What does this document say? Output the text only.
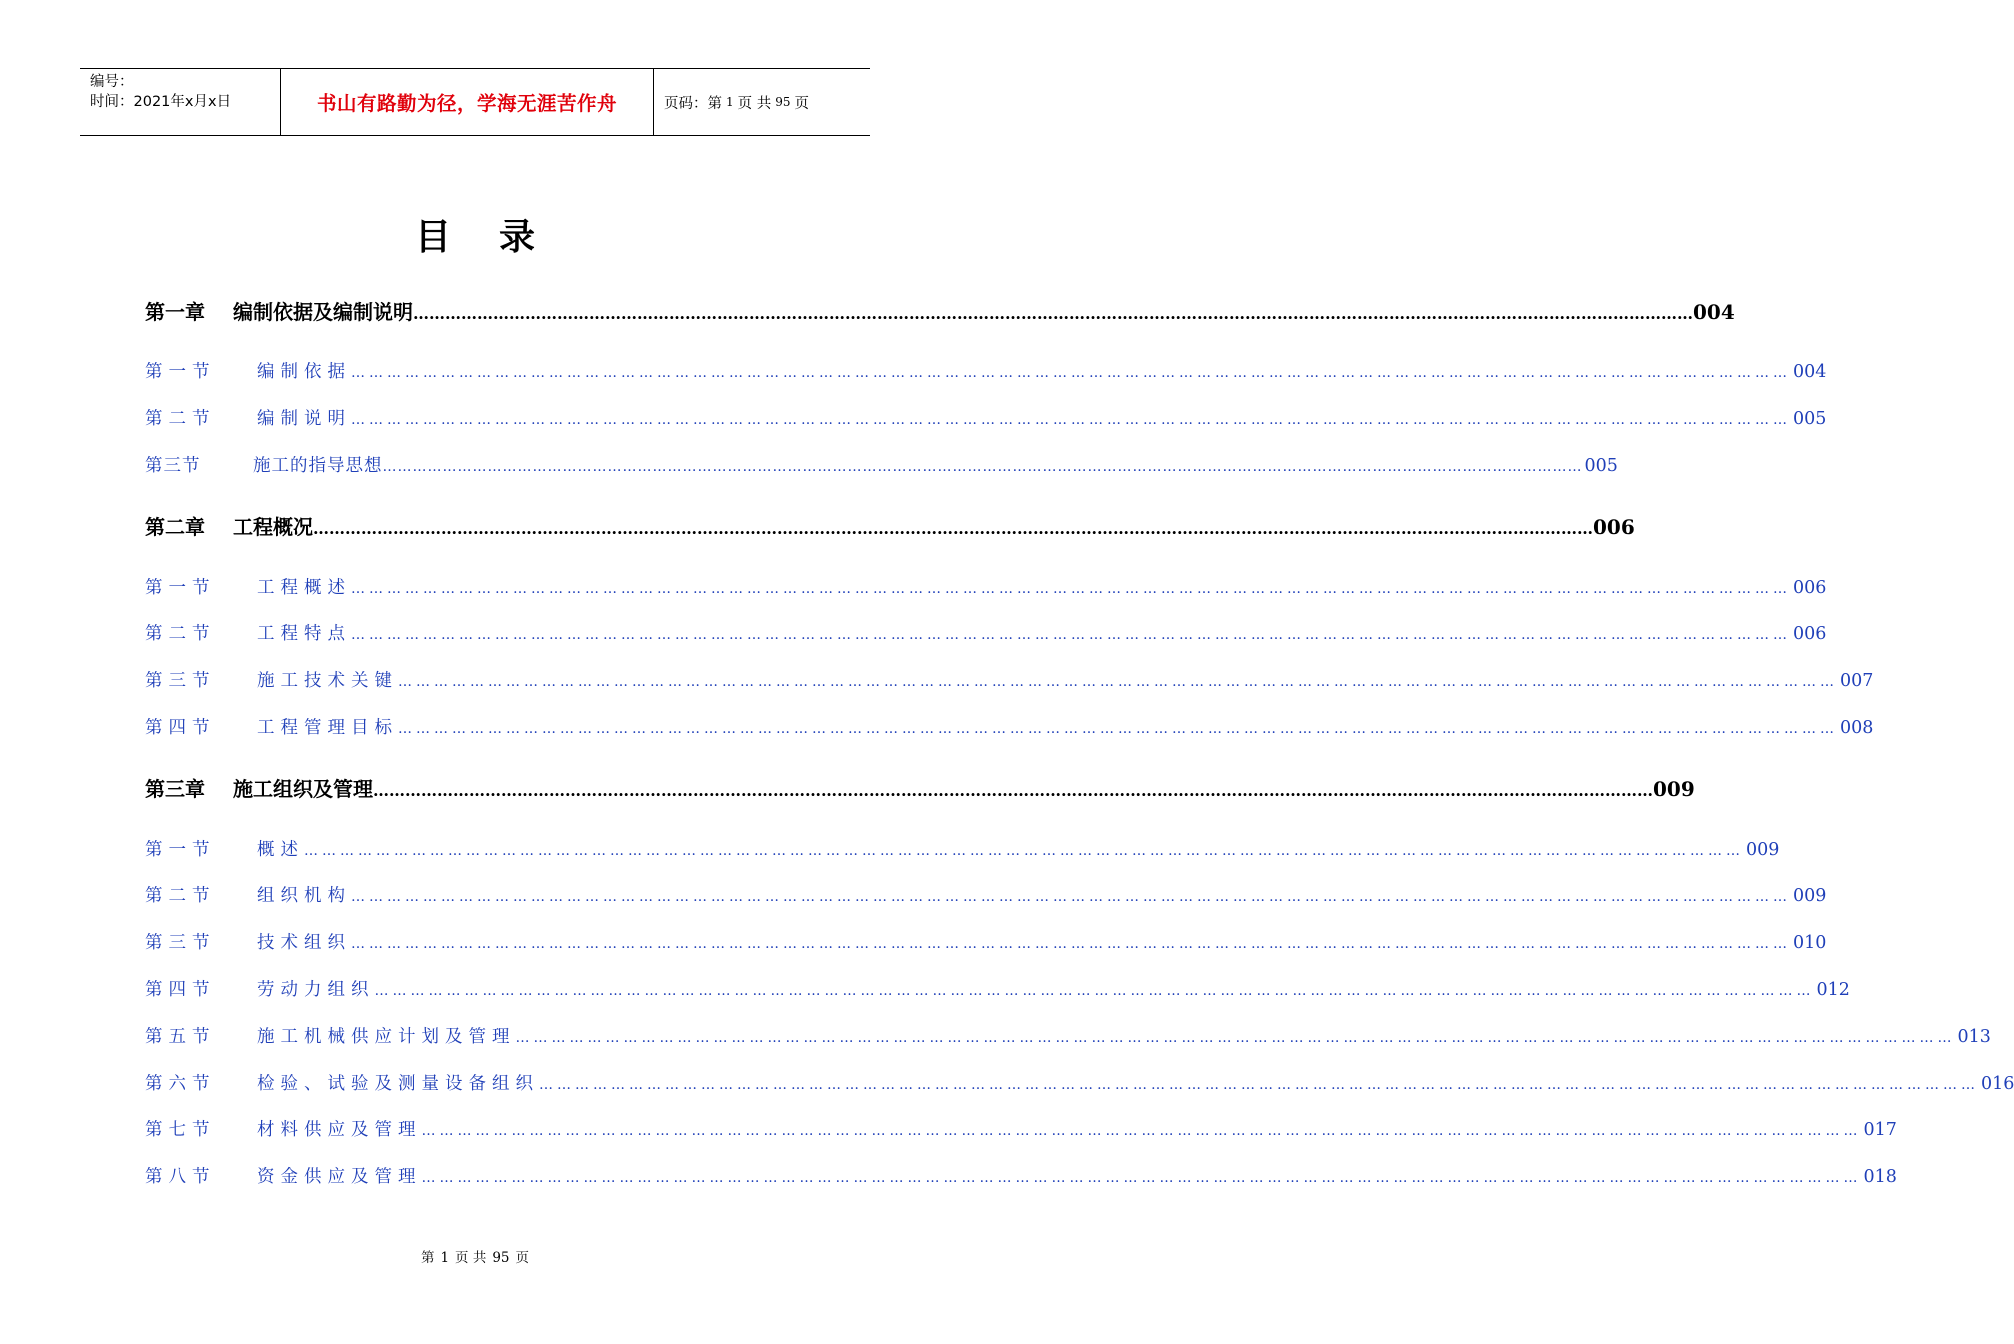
编号：
时间：2021年x月x日	书山有路勤为径，学海无涯苦作舟	页码：第 1 页 共 95 页
目录
第一章	编制依据及编制说明 …………………………………………………………………………………………………………………………………………………………………………………………………………………… 004
第一节	编制依据 …………………………………………………………………………………………………………………………………………………………………………………………………………………… 004
第二节	编制说明 …………………………………………………………………………………………………………………………………………………………………………………………………………………… 005
第三节	施工的指导思想 …………………………………………………………………………………………………………………………………………………………………………………………………………………… 005
第二章	工程概况 …………………………………………………………………………………………………………………………………………………………………………………………………………………… 006
第一节	工程概述 …………………………………………………………………………………………………………………………………………………………………………………………………………………… 006
第二节	工程特点 …………………………………………………………………………………………………………………………………………………………………………………………………………………… 006
第三节	施工技术关键 …………………………………………………………………………………………………………………………………………………………………………………………………………………… 007
第四节	工程管理目标 …………………………………………………………………………………………………………………………………………………………………………………………………………………… 008
第三章	施工组织及管理 …………………………………………………………………………………………………………………………………………………………………………………………………………………… 009
第一节	概述 …………………………………………………………………………………………………………………………………………………………………………………………………………………… 009
第二节	组织机构 …………………………………………………………………………………………………………………………………………………………………………………………………………………… 009
第三节	技术组织 …………………………………………………………………………………………………………………………………………………………………………………………………………………… 010
第四节	劳动力组织 …………………………………………………………………………………………………………………………………………………………………………………………………………………… 012
第五节	施工机械供应计划及管理 …………………………………………………………………………………………………………………………………………………………………………………………………………………… 013
第六节	检验、试验及测量设备组织 …………………………………………………………………………………………………………………………………………………………………………………………………………………… 016
第七节	材料供应及管理 …………………………………………………………………………………………………………………………………………………………………………………………………………………… 017
第八节	资金供应及管理 …………………………………………………………………………………………………………………………………………………………………………………………………………………… 018
第 1 页 共 95 页
